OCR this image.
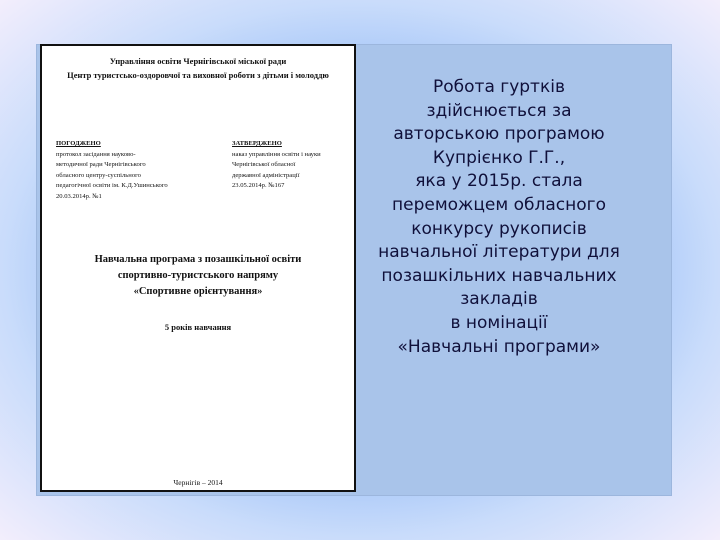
Управління освіти Чернігівської міської ради
Центр туристсько-оздоровчої та виховної роботи з дітьми і молоддю
ПОГОДЖЕНО
протокол засідання науково-
методичної ради Чернігівського
обласного центру-суспільного
педагогічної освіти ім. К.Д.Ушинського
20.03.2014р. №1
ЗАТВЕРДЖЕНО
наказ управління освіти і науки
Чернігівської обласної
державної адміністрації
23.05.2014р. №167
Навчальна програма з позашкільної освіти
спортивно-туристського напряму
«Спортивне орієнтування»
5 років навчання
Чернігів – 2014
Робота гуртків
здійснюється за
авторською програмою
Купрієнко Г.Г.,
яка у 2015р. стала
переможцем обласного
конкурсу рукописів
навчальної літератури для
позашкільних навчальних
закладів
в номінації
«Навчальні програми»
